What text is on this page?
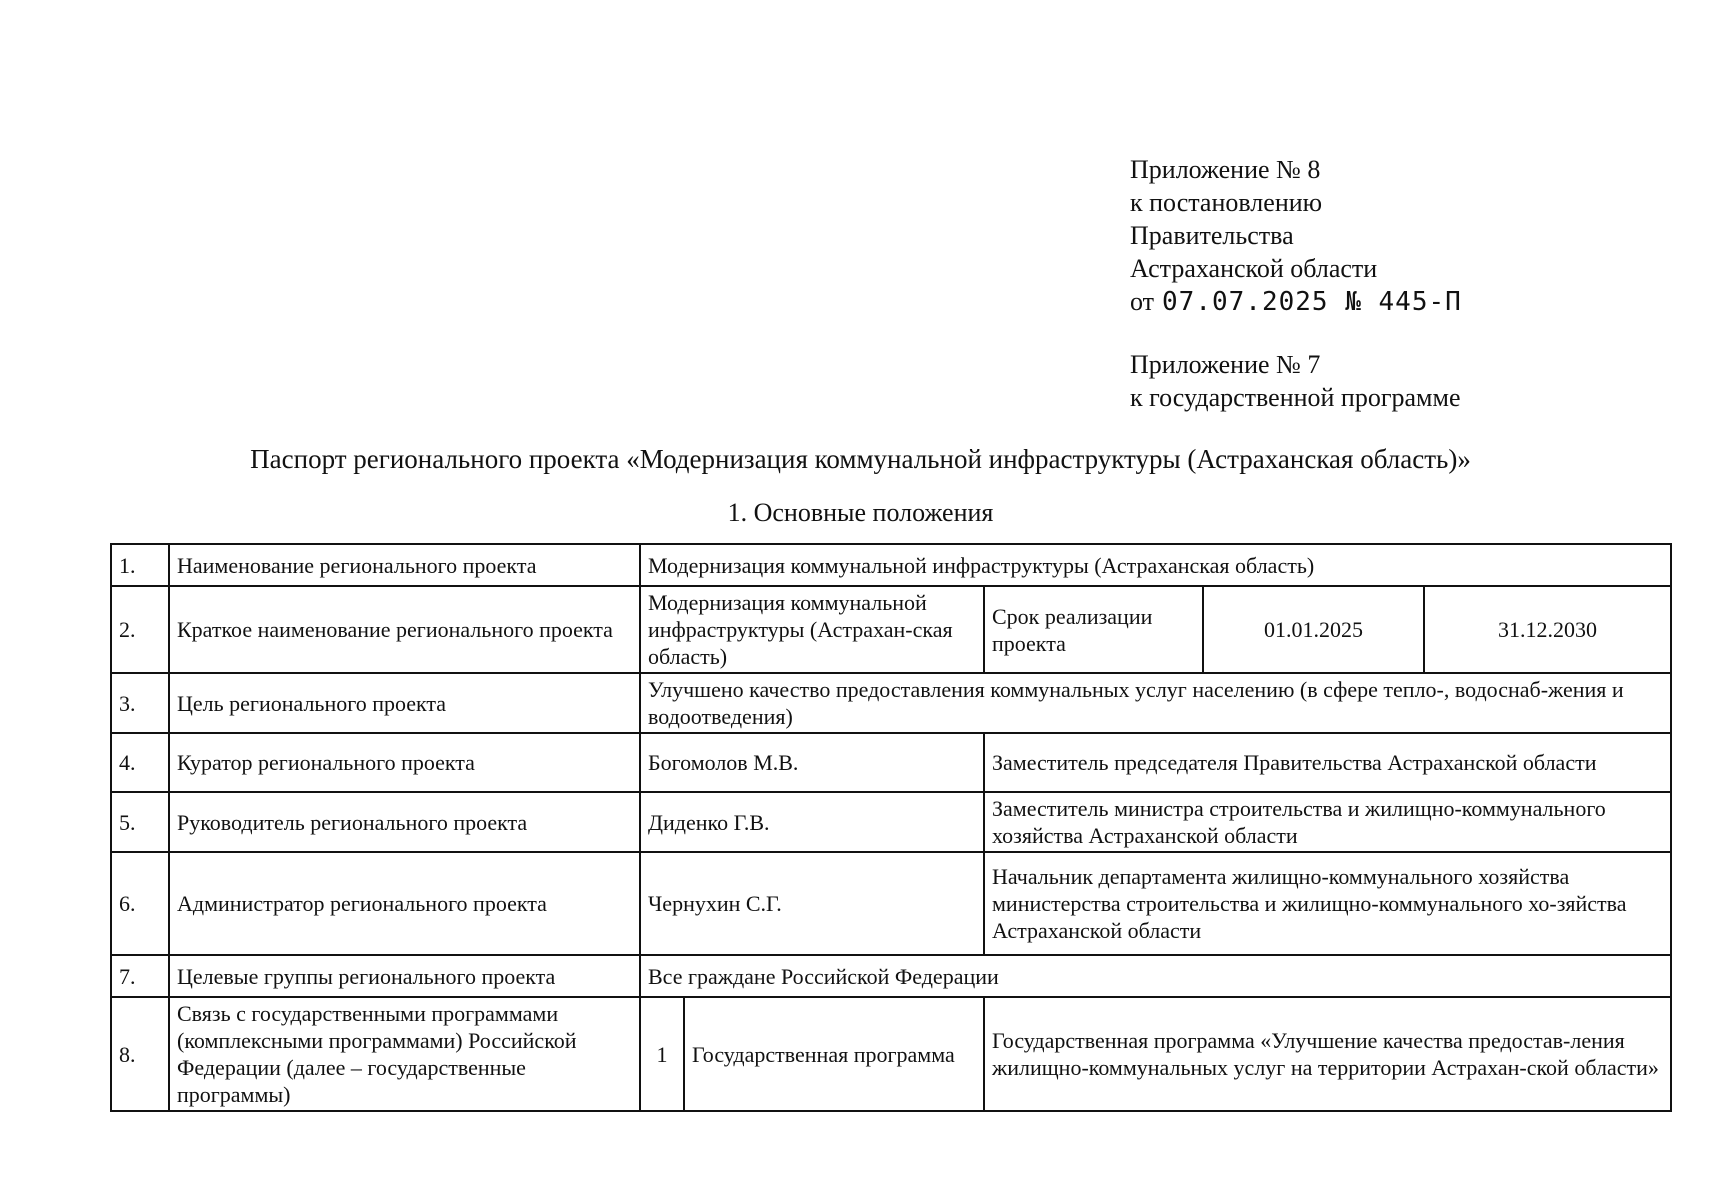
Приложение № 8
к постановлению
Правительства
Астраханской области
от 07.07.2025 № 445-П
Приложение № 7
к государственной программе
Паспорт регионального проекта «Модернизация коммунальной инфраструктуры (Астраханская область)»
1. Основные положения
1.	Наименование регионального проекта	Модернизация коммунальной инфраструктуры (Астраханская область)				
2.	Краткое наименование регионального проекта	Модернизация коммунальной инфраструктуры (Астрахан-ская область)		Срок реализации проекта	01.01.2025	31.12.2030
3.	Цель регионального проекта	Улучшено качество предоставления коммунальных услуг населению (в сфере тепло-, водоснаб-жения и водоотведения)				
4.	Куратор регионального проекта	Богомолов М.В.		Заместитель председателя Правительства Астраханской области		
5.	Руководитель регионального проекта	Диденко Г.В.		Заместитель министра строительства и жилищно-коммунального хозяйства Астраханской области		
6.	Администратор регионального проекта	Чернухин С.Г.		Начальник департамента жилищно-коммунального хозяйства министерства строительства и жилищно-коммунального хо-зяйства Астраханской области		
7.	Целевые группы регионального проекта	Все граждане Российской Федерации				
8.	Связь с государственными программами (комплексными программами) Российской Федерации (далее – государственные программы)	1	Государственная программа	Государственная программа «Улучшение качества предостав-ления жилищно-коммунальных услуг на территории Астрахан-ской области»		
